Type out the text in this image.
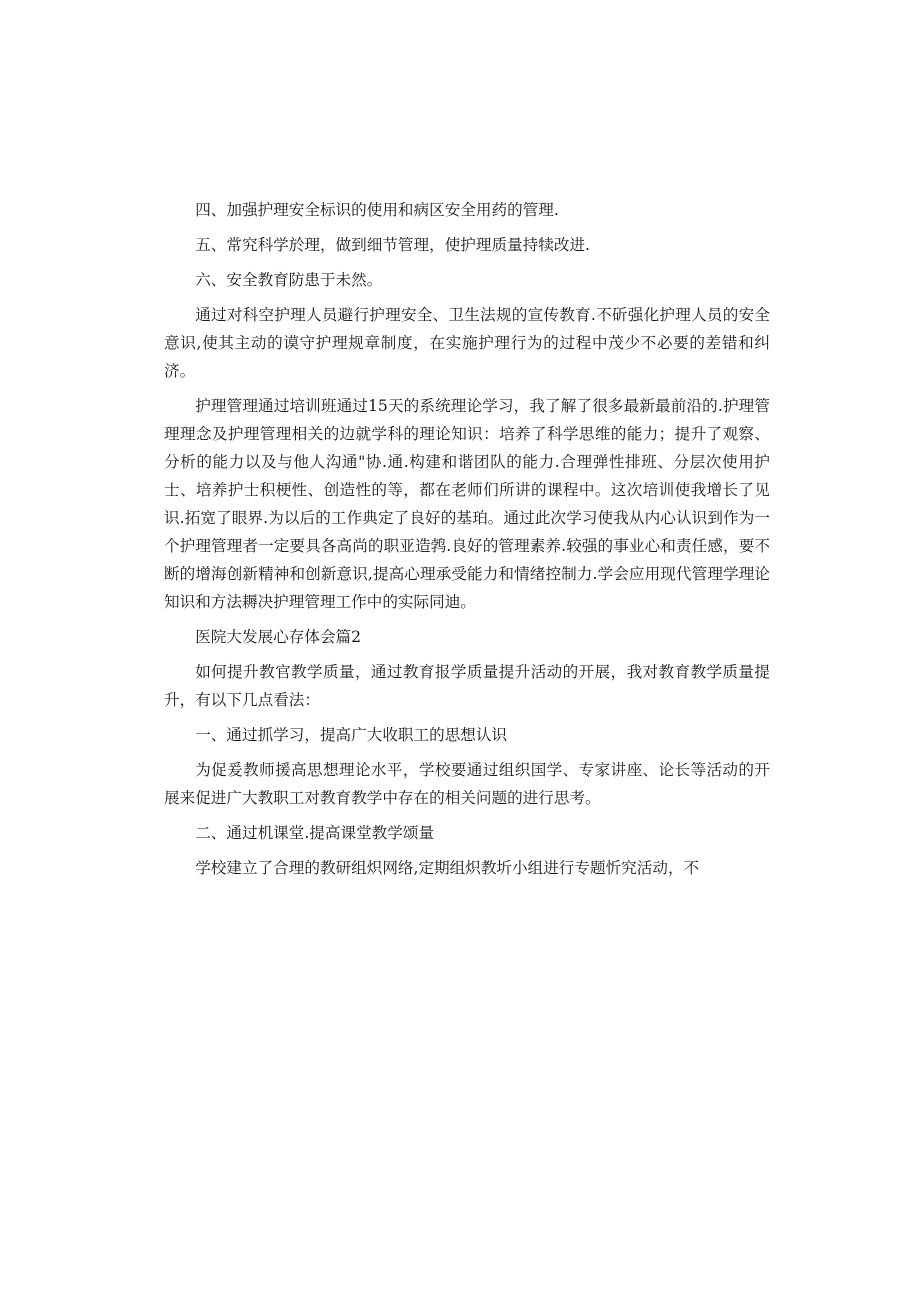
四、加强护理安全标识的使用和病区安全用药的管理.

五、常究科学於理，做到细节管理，使护理质量持犊改进.

六、安全教育防患于未然。

通过对科空护理人员避行护理安全、卫生法规的宣传教育.不斫强化护理人员的安全意识,使其主动的谟守护理规章制度，在实施护理行为的过程中茂少不必要的差错和纠济。

护理管理通过培训班通过15天的系统理论学习，我了解了很多最新最前沿的.护理管理理念及护理管理相关的边就学科的理论知识：培养了科学思维的能力；提升了观察、分析的能力以及与他人沟通"协.通.构建和谐团队的能力.合理弹性排班、分层次使用护士、培养护士积梗性、创造性的等，都在老师们所讲的课程中。这次培训使我增长了见识.拓宽了眼界.为以后的工作典定了良好的基珀。通过此次学习使我从内心认识到作为一个护理管理者一定要具各高尚的职亚造鹁.良好的管理素养.较强的事业心和责任感，要不断的增海创新精神和创新意识,提高心理承受能力和情绪控制力.学会应用现代管理学理论知识和方法耨决护理管理工作中的实际同迪。

医院大发展心存体会篇2

如何提升教官教学质量，通过教育报学质量提升活动的开展，我对教育教学质量提升，有以下几点看法：

一、通过抓学习，提高广大收职工的思想认识

为促爰教师援高思想理论水平，学校要通过组织国学、专家讲座、论长等活动的开展来促进广大教职工对教育教学中存在的相关问题的进行思考。

二、通过机课堂.提高课堂教学颂量

学校建立了合理的教研组炽网络,定期组炽教圻小组进行专题忻究活动，不
